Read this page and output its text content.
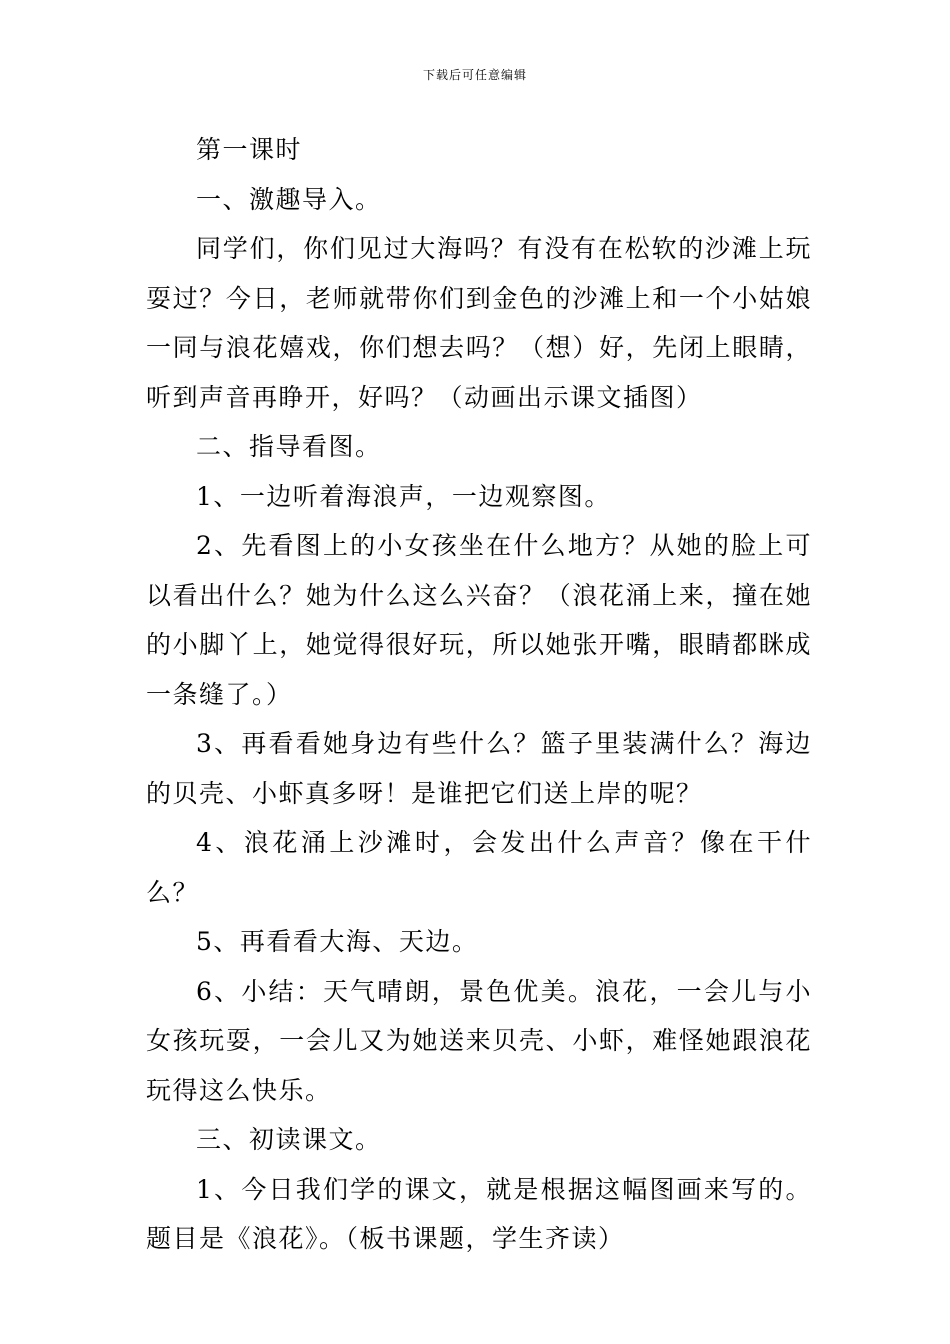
下载后可任意编辑

第一课时

一、激趣导入。

同学们，你们见过大海吗？有没有在松软的沙滩上玩耍过？今日，老师就带你们到金色的沙滩上和一个小姑娘一同与浪花嬉戏，你们想去吗？（想）好，先闭上眼睛，听到声音再睁开，好吗？（动画出示课文插图）

二、指导看图。

1、一边听着海浪声，一边观察图。

2、先看图上的小女孩坐在什么地方？从她的脸上可以看出什么？她为什么这么兴奋？（浪花涌上来，撞在她的小脚丫上，她觉得很好玩，所以她张开嘴，眼睛都眯成一条缝了。）

3、再看看她身边有些什么？篮子里装满什么？海边的贝壳、小虾真多呀！是谁把它们送上岸的呢？

4、浪花涌上沙滩时，会发出什么声音？像在干什么？

5、再看看大海、天边。

6、小结：天气晴朗，景色优美。浪花，一会儿与小女孩玩耍，一会儿又为她送来贝壳、小虾，难怪她跟浪花玩得这么快乐。

三、初读课文。

1、今日我们学的课文，就是根据这幅图画来写的。题目是《浪花》。（板书课题，学生齐读）
